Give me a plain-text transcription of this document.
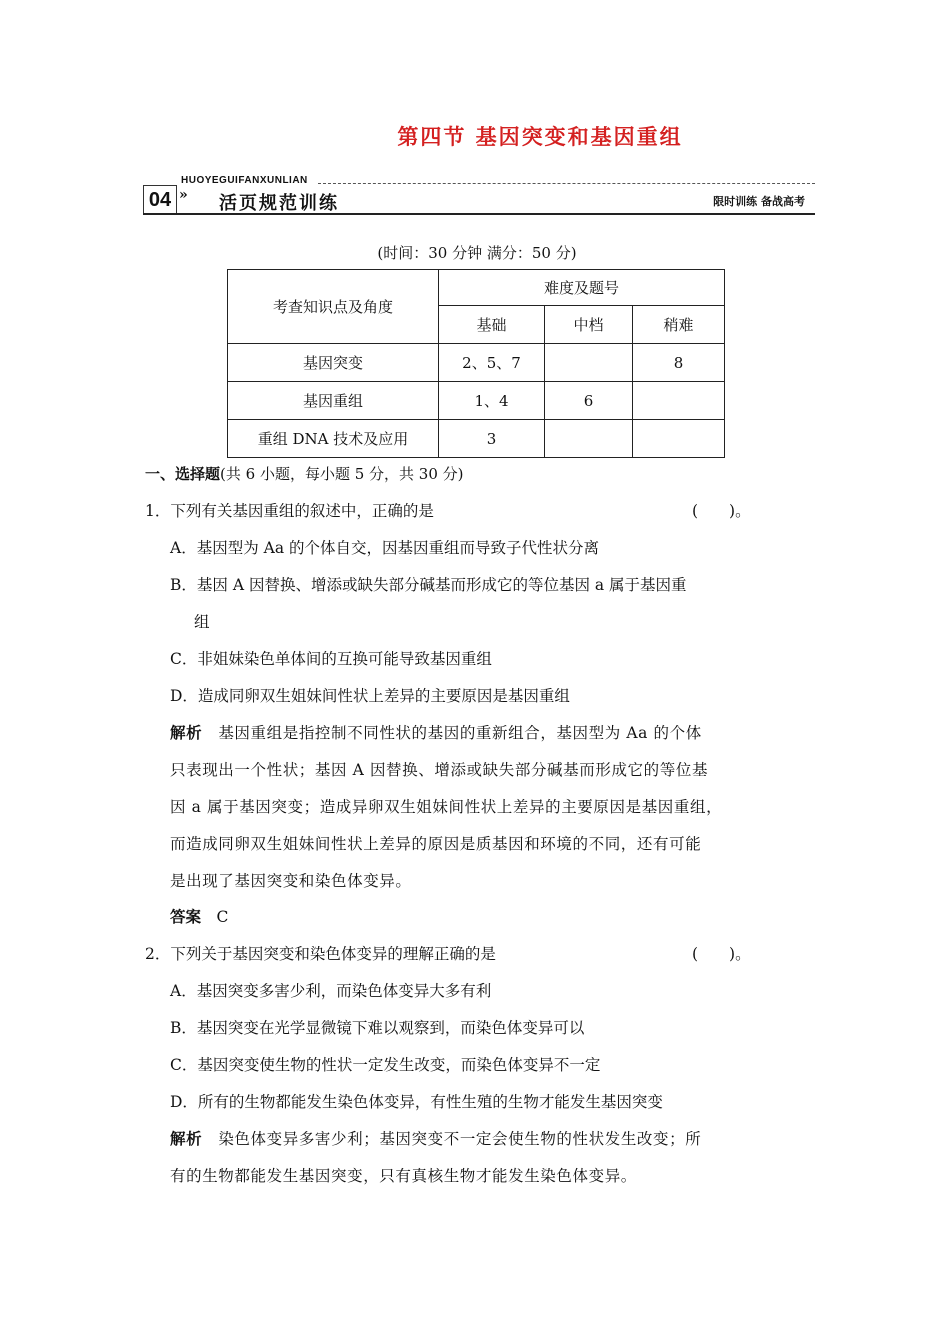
第四节 基因突变和基因重组
HUOYEGUIFANXUNLIAN
04 » 活页规范训练	限时训练 备战高考
(时间：30 分钟 满分：50 分)
考查知识点及角度	难度及题号		
	基础	中档	稍难
基因突变	2、5、7		8
基因重组	1、4	6	
重组 DNA 技术及应用	3		
一、选择题(共 6 小题，每小题 5 分，共 30 分)
1．下列有关基因重组的叙述中，正确的是	(　　)。
A．基因型为 Aa 的个体自交，因基因重组而导致子代性状分离
B．基因 A 因替换、增添或缺失部分碱基而形成它的等位基因 a 属于基因重
组
C．非姐妹染色单体间的互换可能导致基因重组
D．造成同卵双生姐妹间性状上差异的主要原因是基因重组
解析　 基因重组是指控制不同性状的基因的重新组合，基因型为 Aa 的个体
只表现出一个性状；基因 A 因替换、增添或缺失部分碱基而形成它的等位基
因 a 属于基因突变；造成异卵双生姐妹间性状上差异的主要原因是基因重组，
而造成同卵双生姐妹间性状上差异的原因是质基因和环境的不同，还有可能
是出现了基因突变和染色体变异。
答案　 C
2．下列关于基因突变和染色体变异的理解正确的是	(　　)。
A．基因突变多害少利，而染色体变异大多有利
B．基因突变在光学显微镜下难以观察到，而染色体变异可以
C．基因突变使生物的性状一定发生改变，而染色体变异不一定
D．所有的生物都能发生染色体变异，有性生殖的生物才能发生基因突变
解析　 染色体变异多害少利；基因突变不一定会使生物的性状发生改变；所
有的生物都能发生基因突变，只有真核生物才能发生染色体变异。
